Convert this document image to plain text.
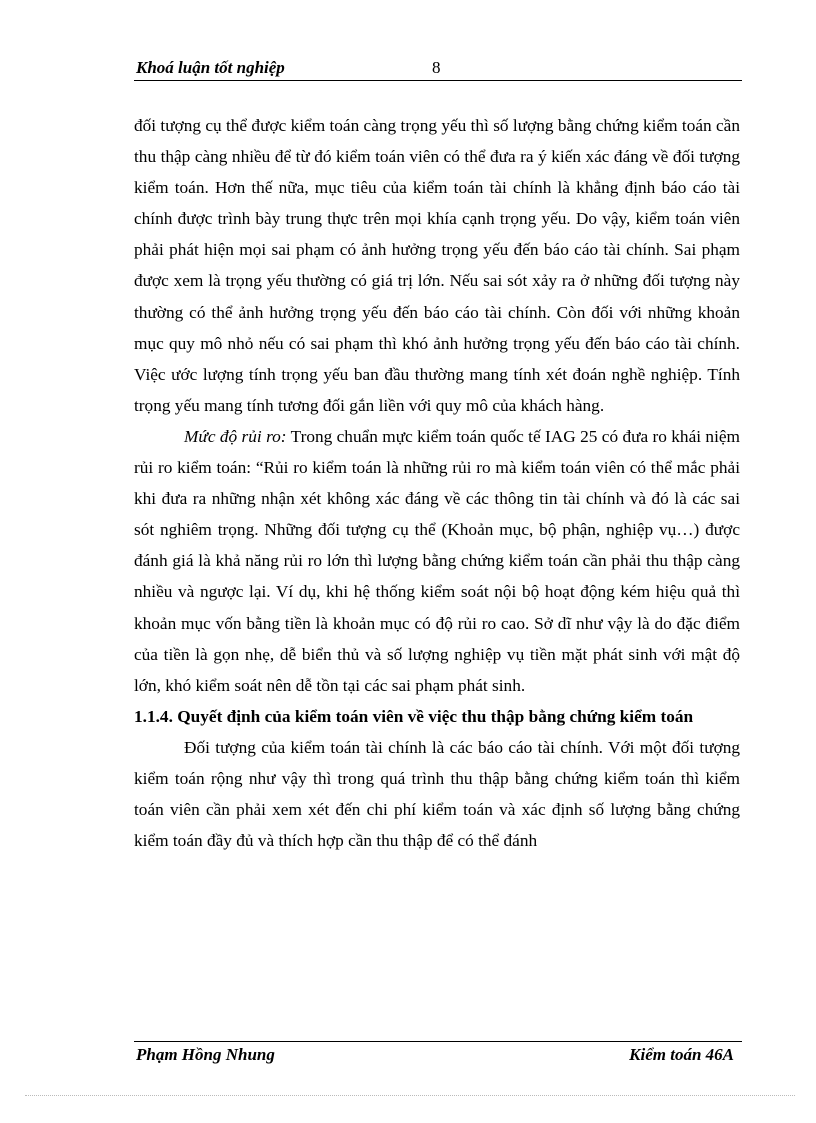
Khoá luận tốt nghiệp	8

đối tượng cụ thể được kiểm toán càng trọng yếu thì số lượng bằng chứng kiểm toán cần thu thập càng nhiều để từ đó kiểm toán viên có thể đưa ra ý kiến xác đáng về đối tượng kiểm toán. Hơn thế nữa, mục tiêu của kiểm toán tài chính là khẳng định báo cáo tài chính được trình bày trung thực trên mọi khía cạnh trọng yếu. Do vậy, kiểm toán viên phải phát hiện mọi sai phạm có ảnh hưởng trọng yếu đến báo cáo tài chính. Sai phạm được xem là trọng yếu thường có giá trị lớn. Nếu sai sót xảy ra ở những đối tượng này thường có thể ảnh hưởng trọng yếu đến báo cáo tài chính. Còn đối với những khoản mục quy mô nhỏ nếu có sai phạm thì khó ảnh hưởng trọng yếu đến báo cáo tài chính. Việc ước lượng tính trọng yếu ban đầu thường mang tính xét đoán nghề nghiệp. Tính trọng yếu mang tính tương đối gắn liền với quy mô của khách hàng.

Mức độ rủi ro: Trong chuẩn mực kiểm toán quốc tế IAG 25 có đưa ro khái niệm rủi ro kiểm toán: “Rủi ro kiểm toán là những rủi ro mà kiểm toán viên có thể mắc phải khi đưa ra những nhận xét không xác đáng về các thông tin tài chính và đó là các sai sót nghiêm trọng. Những đối tượng cụ thể (Khoản mục, bộ phận, nghiệp vụ…) được đánh giá là khả năng rủi ro lớn thì lượng bằng chứng kiểm toán cần phải thu thập càng nhiều và ngược lại. Ví dụ, khi hệ thống kiểm soát nội bộ hoạt động kém hiệu quả thì khoản mục vốn bằng tiền là khoản mục có độ rủi ro cao. Sở dĩ như vậy là do đặc điểm của tiền là gọn nhẹ, dễ biển thủ và số lượng nghiệp vụ tiền mặt phát sinh với mật độ lớn, khó kiểm soát nên dễ tồn tại các sai phạm phát sinh.

1.1.4. Quyết định của kiểm toán viên về việc thu thập bằng chứng kiểm toán

Đối tượng của kiểm toán tài chính là các báo cáo tài chính. Với một đối tượng kiểm toán rộng như vậy thì trong quá trình thu thập bằng chứng kiểm toán thì kiểm toán viên cần phải xem xét đến chi phí kiểm toán và xác định số lượng bằng chứng kiểm toán đầy đủ và thích hợp cần thu thập để có thể đánh

Phạm Hồng Nhung	Kiểm toán 46A
